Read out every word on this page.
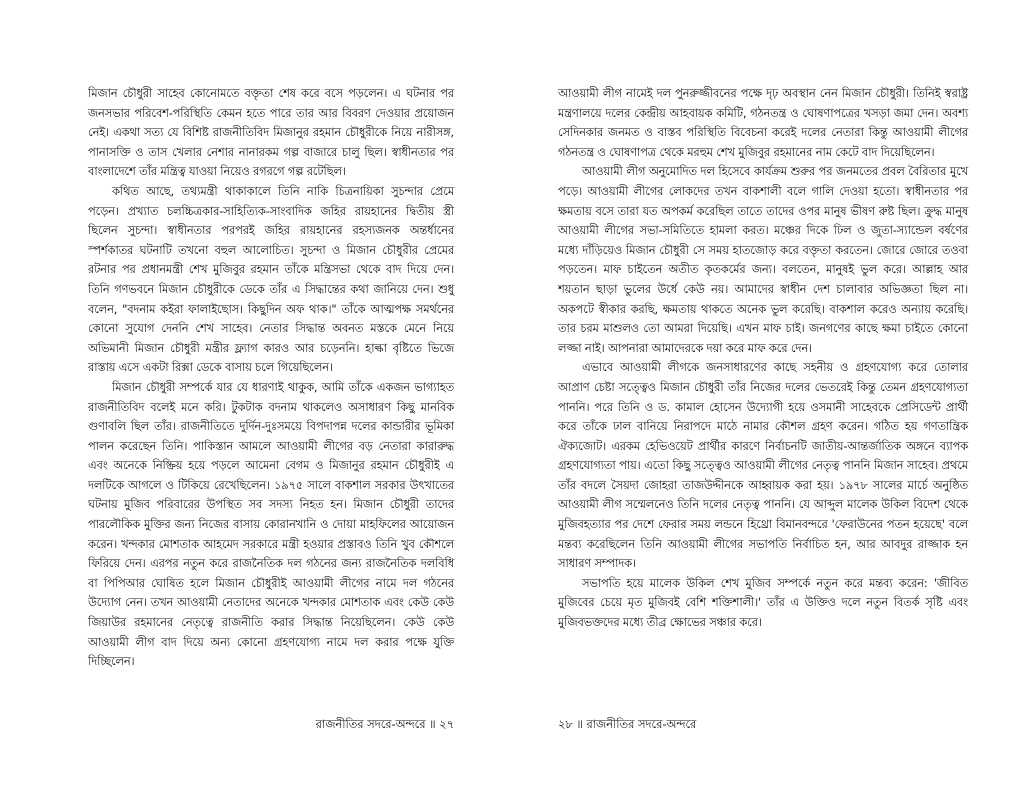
মিজান চৌধুরী সাহেব কোনোমতে বক্তৃতা শেষ করে বসে পড়লেন। এ ঘটনার পর জনসভার পরিবেশ-পরিস্থিতি কেমন হতে পারে তার আর বিবরণ দেওয়ার প্রয়োজন নেই। একথা সত্য যে বিশিষ্ট রাজনীতিবিদ মিজানুর রহমান চৌধুরীকে নিয়ে নারীসঙ্গ, পানাসক্তি ও তাস খেলার নেশার নানারকম গল্প বাজারে চালু ছিল। স্বাধীনতার পর বাংলাদেশে তাঁর মন্ত্রিত্ব যাওয়া নিয়েও রগরগে গল্প রটেছিল।

কথিত আছে, তথ্যমন্ত্রী থাকাকালে তিনি নাকি চিত্রনায়িকা সুচন্দার প্রেমে পড়েন। প্রখ্যাত চলচ্চিত্রকার-সাহিত্যিক-সাংবাদিক জহির রায়হানের দ্বিতীয় স্ত্রী ছিলেন সুচন্দা। স্বাধীনতার পরপরই জহির রায়হানের রহস্যজনক অন্তর্ধানের স্পর্শকাতর ঘটনাটি তখনো বহুল আলোচিত। সুচন্দা ও মিজান চৌধুরীর প্রেমের রটনার পর প্রধানমন্ত্রী শেখ মুজিবুর রহমান তাঁকে মন্ত্রিসভা থেকে বাদ দিয়ে দেন। তিনি গণভবনে মিজান চৌধুরীকে ডেকে তাঁর এ সিদ্ধান্তের কথা জানিয়ে দেন। শুধু বলেন, "বদনাম কইরা ফালাইছোস। কিছুদিন অফ থাক।" তাঁকে আত্মপক্ষ সমর্থনের কোনো সুযোগ দেননি শেখ সাহেব। নেতার সিদ্ধান্ত অবনত মস্তকে মেনে নিয়ে অভিমানী মিজান চৌধুরী মন্ত্রীর ফ্ল্যাগ কারও আর চড়েননি। হাল্কা বৃষ্টিতে ভিজে রাস্তায় এসে একটা রিক্সা ডেকে বাসায় চলে গিয়েছিলেন।

মিজান চৌধুরী সম্পর্কে যার যে ধারণাই থাকুক, আমি তাঁকে একজন ভাগ্যাহত রাজনীতিবিদ বলেই মনে করি। টুকটাক বদনাম থাকলেও অসাধারণ কিছু মানবিক গুণাবলি ছিল তাঁর। রাজনীতিতে দুর্দিন-দুঃসময়ে বিপদাপন্ন দলের কান্ডারীর ভূমিকা পালন করেছেন তিনি। পাকিস্তান আমলে আওয়ামী লীগের বড় নেতারা কারারুদ্ধ এবং অনেকে নিষ্ক্রিয় হয়ে পড়লে আমেনা বেগম ও মিজানুর রহমান চৌধুরীই এ দলটিকে আগলে ও টিকিয়ে রেখেছিলেন। ১৯৭৫ সালে বাকশাল সরকার উৎখাতের ঘটনায় মুজিব পরিবারের উপস্থিত সব সদস্য নিহত হন। মিজান চৌধুরী তাদের পারলৌকিক মুক্তির জন্য নিজের বাসায় কোরানখানি ও দোয়া মাহফিলের আয়োজন করেন। খন্দকার মোশতাক আহমেদ সরকারে মন্ত্রী হওয়ার প্রস্তাবও তিনি খুব কৌশলে ফিরিয়ে দেন। এরপর নতুন করে রাজনৈতিক দল গঠনের জন্য রাজনৈতিক দলবিধি বা পিপিআর ঘোষিত হলে মিজান চৌধুরীই আওয়ামী লীগের নামে দল গঠনের উদ্যোগ নেন। তখন আওয়ামী নেতাদের অনেকে খন্দকার মোশতাক এবং কেউ কেউ জিয়াউর রহমানের নেতৃত্বে রাজনীতি করার সিদ্ধান্ত নিয়েছিলেন। কেউ কেউ আওয়ামী লীগ বাদ দিয়ে অন্য কোনো গ্রহণযোগ্য নামে দল করার পক্ষে যুক্তি দিচ্ছিলেন।

রাজনীতির সদরে-অন্দরে ॥ ২৭

আওয়ামী লীগ নামেই দল পুনরুজ্জীবনের পক্ষে দৃঢ় অবস্থান নেন মিজান চৌধুরী। তিনিই স্বরাষ্ট্র মন্ত্রণালয়ে দলের কেন্দ্রীয় আহবায়ক কমিটি, গঠনতন্ত্র ও ঘোষণাপত্রের খসড়া জমা দেন। অবশ্য সেদিনকার জনমত ও বাস্তব পরিস্থিতি বিবেচনা করেই দলের নেতারা কিন্তু আওয়ামী লীগের গঠনতন্ত্র ও ঘোষণাপত্র থেকে মরহুম শেখ মুজিবুর রহমানের নাম কেটে বাদ দিয়েছিলেন।

আওয়ামী লীগ অনুমোদিত দল হিসেবে কার্যক্রম শুরুর পর জনমতের প্রবল বৈরিতার মুখে পড়ে। আওয়ামী লীগের লোকদের তখন বাকশালী বলে গালি দেওয়া হতো। স্বাধীনতার পর ক্ষমতায় বসে তারা যত অপকর্ম করেছিল তাতে তাদের ওপর মানুষ ভীষণ রুষ্ট ছিল। ক্রুদ্ধ মানুষ আওয়ামী লীগের সভা-সমিতিতে হামলা করত। মঞ্চের দিকে ঢিল ও জুতা-স্যান্ডেল বর্ষণের মধ্যে দাঁড়িয়েও মিজান চৌধুরী সে সময় হাতজোড় করে বক্তৃতা করতেন। জোরে জোরে তওবা পড়তেন। মাফ চাইতেন অতীত কৃতকর্মের জন্য। বলতেন, মানুষই ভুল করে। আল্লাহ আর শয়তান ছাড়া ভুলের উর্ধে কেউ নয়। আমাদের স্বাধীন দেশ চালাবার অভিজ্ঞতা ছিল না। অকপটে স্বীকার করছি, ক্ষমতায় থাকতে অনেক ভুল করেছি। বাকশাল করেও অন্যায় করেছি। তার চরম মাশুলও তো আমরা দিয়েছি। এখন মাফ চাই। জনগণের কাছে ক্ষমা চাইতে কোনো লজ্জা নাই। আপনারা আমাদেরকে দয়া করে মাফ করে দেন।

এভাবে আওয়ামী লীগকে জনসাধারণের কাছে সহনীয় ও গ্রহণযোগ্য করে তোলার আপ্রাণ চেষ্টা সত্ত্বেও মিজান চৌধুরী তাঁর নিজের দলের ভেতরেই কিন্তু তেমন গ্রহণযোগ্যতা পাননি। পরে তিনি ও ড. কামাল হোসেন উদ্যোগী হয়ে ওসমানী সাহেবকে প্রেসিডেন্ট প্রার্থী করে তাঁকে ঢাল বানিয়ে নিরাপদে মাঠে নামার কৌশল গ্রহণ করেন। গঠিত হয় গণতান্ত্রিক ঐক্যজোট। এরকম হেভিওয়েট প্রার্থীর কারণে নির্বাচনটি জাতীয়-আন্তর্জাতিক অঙ্গনে ব্যাপক গ্রহণযোগ্যতা পায়। এতো কিছু সত্ত্বেও আওয়ামী লীগের নেতৃত্ব পাননি মিজান সাহেব। প্রথমে তাঁর বদলে সৈয়দা জোহরা তাজউদ্দীনকে আহ্বায়ক করা হয়। ১৯৭৮ সালের মার্চে অনুষ্ঠিত আওয়ামী লীগ সম্মেলনেও তিনি দলের নেতৃত্ব পাননি। যে আব্দুল মালেক উকিল বিদেশ থেকে মুজিবহত্যার পর দেশে ফেরার সময় লন্ডনে হিথ্রো বিমানবন্দরে 'ফেরাউনের পতন হয়েছে' বলে মন্তব্য করেছিলেন তিনি আওয়ামী লীগের সভাপতি নির্বাচিত হন, আর আবদুর রাজ্জাক হন সাধারণ সম্পাদক।

সভাপতি হয়ে মালেক উকিল শেখ মুজিব সম্পর্কে নতুন করে মন্তব্য করেন: 'জীবিত মুজিবের চেয়ে মৃত মুজিবই বেশি শক্তিশালী।' তাঁর এ উক্তিও দলে নতুন বিতর্ক সৃষ্টি এবং মুজিবভক্তদের মধ্যে তীব্র ক্ষোভের সঞ্চার করে।

২৮ ॥ রাজনীতির সদরে-অন্দরে
